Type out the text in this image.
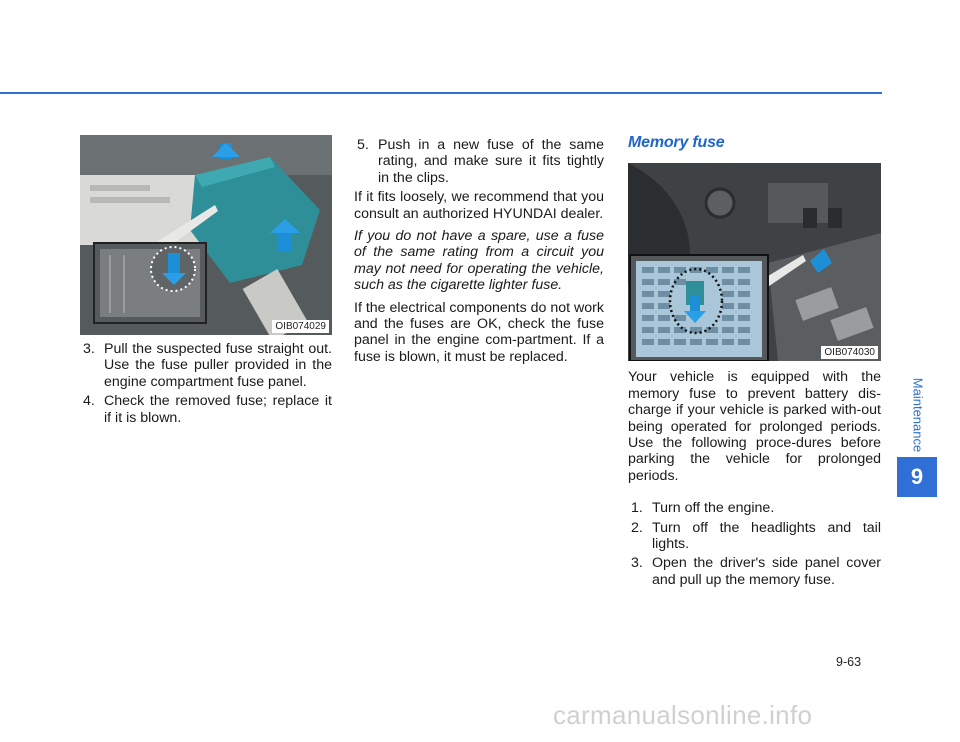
OIB074029
3. Pull the suspected fuse straight out. Use the fuse puller provided in the engine compartment fuse panel.
4. Check the removed fuse; replace it if it is blown.
5. Push in a new fuse of the same rating, and make sure it fits tightly in the clips.

If it fits loosely, we recommend that you consult an authorized HYUNDAI dealer.

If you do not have a spare, use a fuse of the same rating from a circuit you may not need for operating the vehicle, such as the cigarette lighter fuse.

If the electrical components do not work and the fuses are OK, check the fuse panel in the engine com-partment. If a fuse is blown, it must be replaced.

Memory fuse
OIB074030

Your vehicle is equipped with the memory fuse to prevent battery dis-charge if your vehicle is parked with-out being operated for prolonged periods. Use the following proce-dures before parking the vehicle for prolonged periods.

1. Turn off the engine.
2. Turn off the headlights and tail lights.
3. Open the driver's side panel cover and pull up the memory fuse.
Maintenance
9
9-63
carmanualsonline.info
